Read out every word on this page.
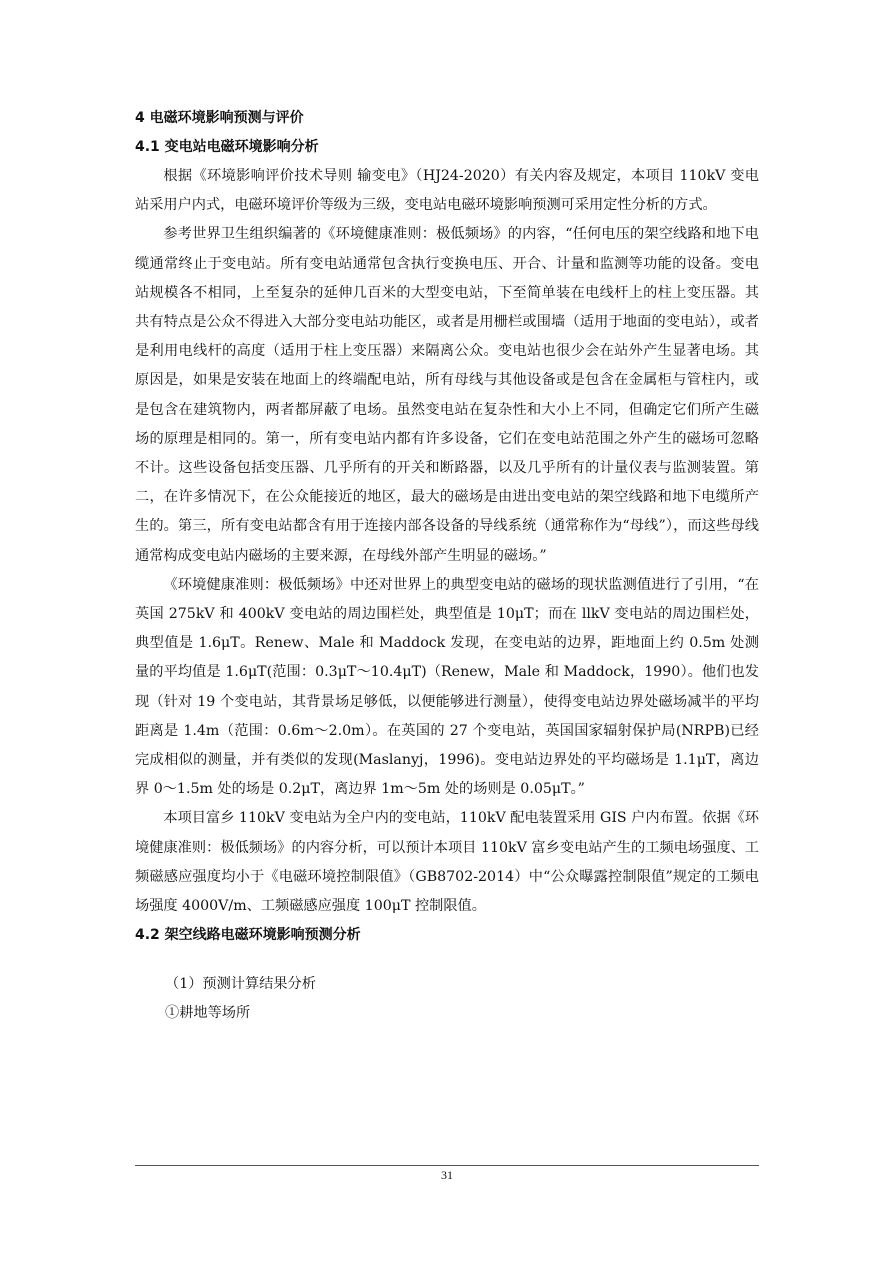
4 电磁环境影响预测与评价
4.1 变电站电磁环境影响分析

根据《环境影响评价技术导则 输变电》（HJ24-2020）有关内容及规定，本项目 110kV 变电站采用户内式，电磁环境评价等级为三级，变电站电磁环境影响预测可采用定性分析的方式。

参考世界卫生组织编著的《环境健康准则：极低频场》的内容，“任何电压的架空线路和地下电缆通常终止于变电站。所有变电站通常包含执行变换电压、开合、计量和监测等功能的设备。变电站规模各不相同，上至复杂的延伸几百米的大型变电站，下至简单装在电线杆上的柱上变压器。其共有特点是公众不得进入大部分变电站功能区，或者是用栅栏或围墙（适用于地面的变电站），或者是利用电线杆的高度（适用于柱上变压器）来隔离公众。变电站也很少会在站外产生显著电场。其原因是，如果是安装在地面上的终端配电站，所有母线与其他设备或是包含在金属柜与管柱内，或是包含在建筑物内，两者都屏蔽了电场。虽然变电站在复杂性和大小上不同，但确定它们所产生磁场的原理是相同的。第一，所有变电站内都有许多设备，它们在变电站范围之外产生的磁场可忽略不计。这些设备包括变压器、几乎所有的开关和断路器，以及几乎所有的计量仪表与监测装置。第二，在许多情况下，在公众能接近的地区，最大的磁场是由进出变电站的架空线路和地下电缆所产生的。第三，所有变电站都含有用于连接内部各设备的导线系统（通常称作为“母线”），而这些母线通常构成变电站内磁场的主要来源，在母线外部产生明显的磁场。”

《环境健康准则：极低频场》中还对世界上的典型变电站的磁场的现状监测值进行了引用，“在英国 275kV 和 400kV 变电站的周边围栏处，典型值是 10μT；而在 llkV 变电站的周边围栏处，典型值是 1.6μT。Renew、Male 和 Maddock 发现，在变电站的边界，距地面上约 0.5m 处测量的平均值是 1.6μT(范围：0.3μT～10.4μT)（Renew，Male 和 Maddock，1990）。他们也发现（针对 19 个变电站，其背景场足够低，以便能够进行测量），使得变电站边界处磁场减半的平均距离是 1.4m（范围：0.6m～2.0m）。在英国的 27 个变电站，英国国家辐射保护局(NRPB)已经完成相似的测量，并有类似的发现(Maslanyj，1996)。变电站边界处的平均磁场是 1.1μT，离边界 0～1.5m 处的场是 0.2μT，离边界 1m～5m 处的场则是 0.05μT。”

本项目富乡 110kV 变电站为全户内的变电站，110kV 配电装置采用 GIS 户内布置。依据《环境健康准则：极低频场》的内容分析，可以预计本项目 110kV 富乡变电站产生的工频电场强度、工频磁感应强度均小于《电磁环境控制限值》（GB8702-2014）中“公众曝露控制限值”规定的工频电场强度 4000V/m、工频磁感应强度 100μT 控制限值。

4.2 架空线路电磁环境影响预测分析
（1）预测计算结果分析
①耕地等场所
31
